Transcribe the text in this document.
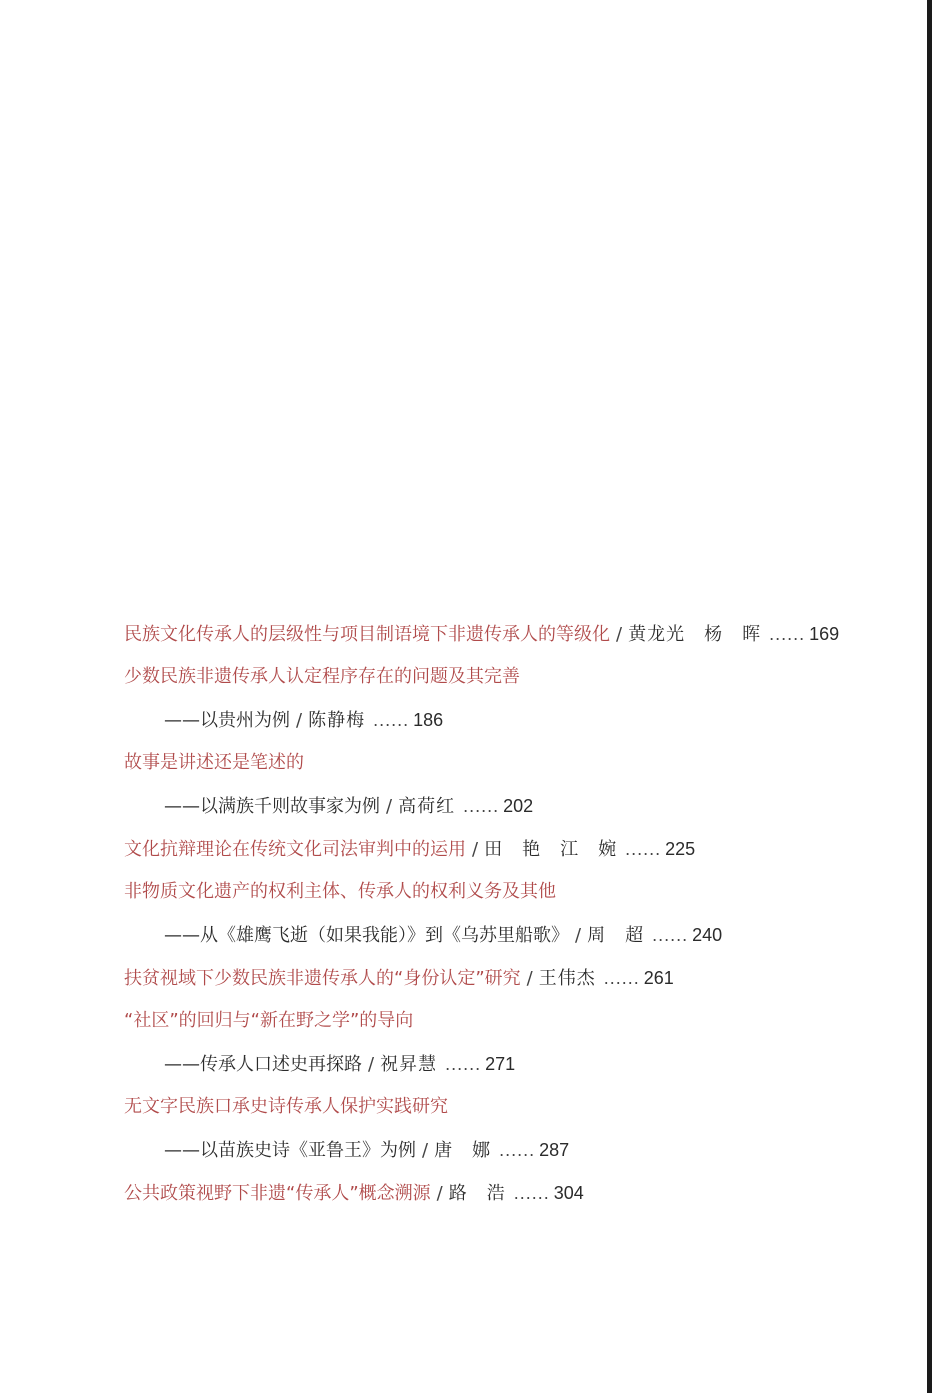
民族文化传承人的层级性与项目制语境下非遗传承人的等级化 / 黄龙光　杨　晖 ...... 169
少数民族非遗传承人认定程序存在的问题及其完善
——以贵州为例 / 陈静梅 ...... 186
故事是讲述还是笔述的
——以满族千则故事家为例 / 高荷红 ...... 202
文化抗辩理论在传统文化司法审判中的运用 / 田　艳　江　婉 ...... 225
非物质文化遗产的权利主体、传承人的权利义务及其他
——从《雄鹰飞逝（如果我能）》到《乌苏里船歌》 / 周　超 ...... 240
扶贫视域下少数民族非遗传承人的“身份认定”研究 / 王伟杰 ...... 261
“社区”的回归与“新在野之学”的导向
——传承人口述史再探路 / 祝昇慧 ...... 271
无文字民族口承史诗传承人保护实践研究
——以苗族史诗《亚鲁王》为例 / 唐　娜 ...... 287
公共政策视野下非遗“传承人”概念溯源 / 路　浩 ...... 304
